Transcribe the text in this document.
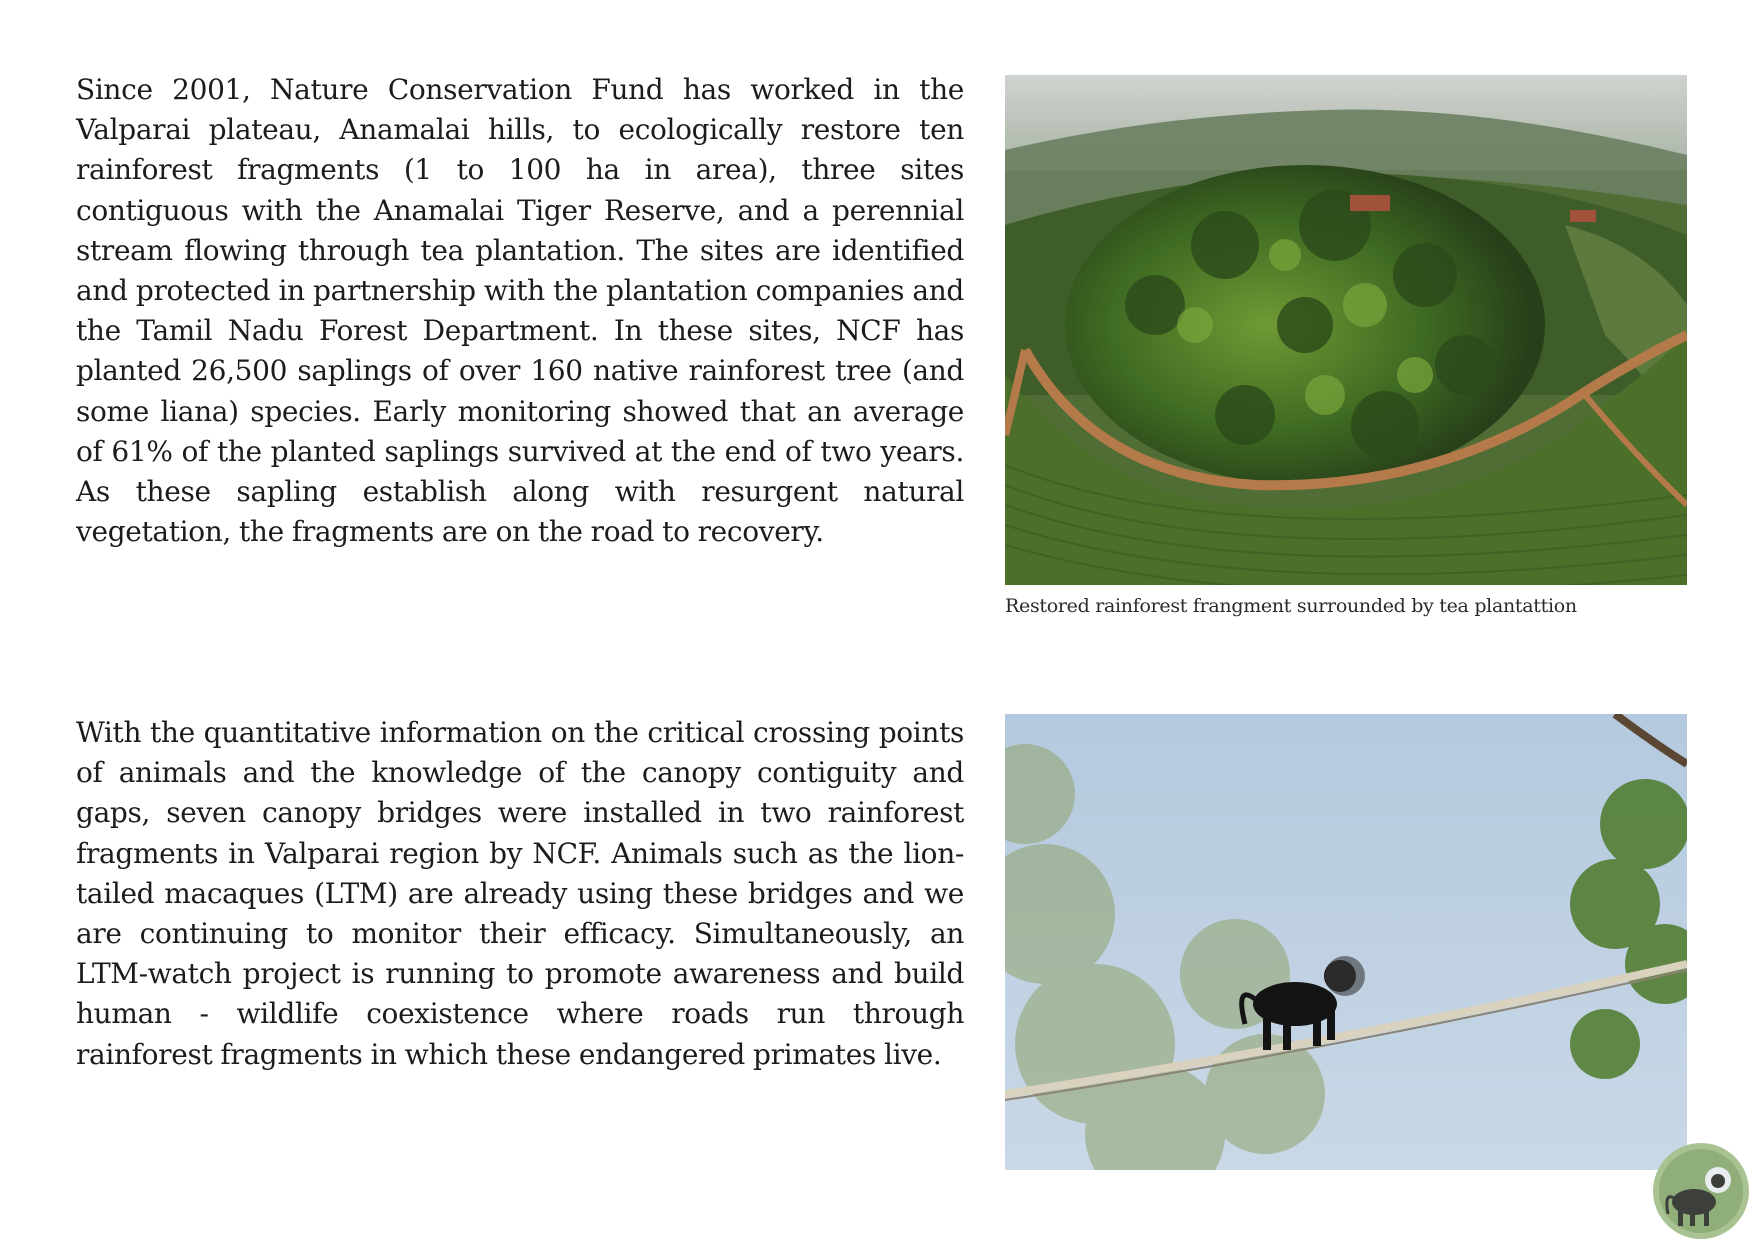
Since 2001, Nature Conservation Fund has worked in the Valparai plateau, Anamalai hills, to ecologically restore ten rainforest fragments (1 to 100 ha in area), three sites contiguous with the Anamalai Tiger Reserve, and a perennial stream flowing through tea plantation. The sites are identified and protected in partnership with the plantation companies and the Tamil Nadu Forest Department. In these sites, NCF has planted 26,500 saplings of over 160 native rainforest tree (and some liana) species. Early monitoring showed that an average of 61% of the planted saplings survived at the end of two years. As these sapling establish along with resurgent natural vegetation, the fragments are on the road to recovery.

Restored rainforest frangment surrounded by tea plantattion

With the quantitative information on the critical crossing points of animals and the knowledge of the canopy contiguity and gaps, seven canopy bridges were installed in two rainforest fragments in Valparai region by NCF. Animals such as the lion-tailed macaques (LTM) are already using these bridges and we are continuing to monitor their efficacy. Simultaneously, an LTM-watch project is running to promote awareness and build human - wildlife coexistence where roads run through rainforest fragments in which these endangered primates live.
